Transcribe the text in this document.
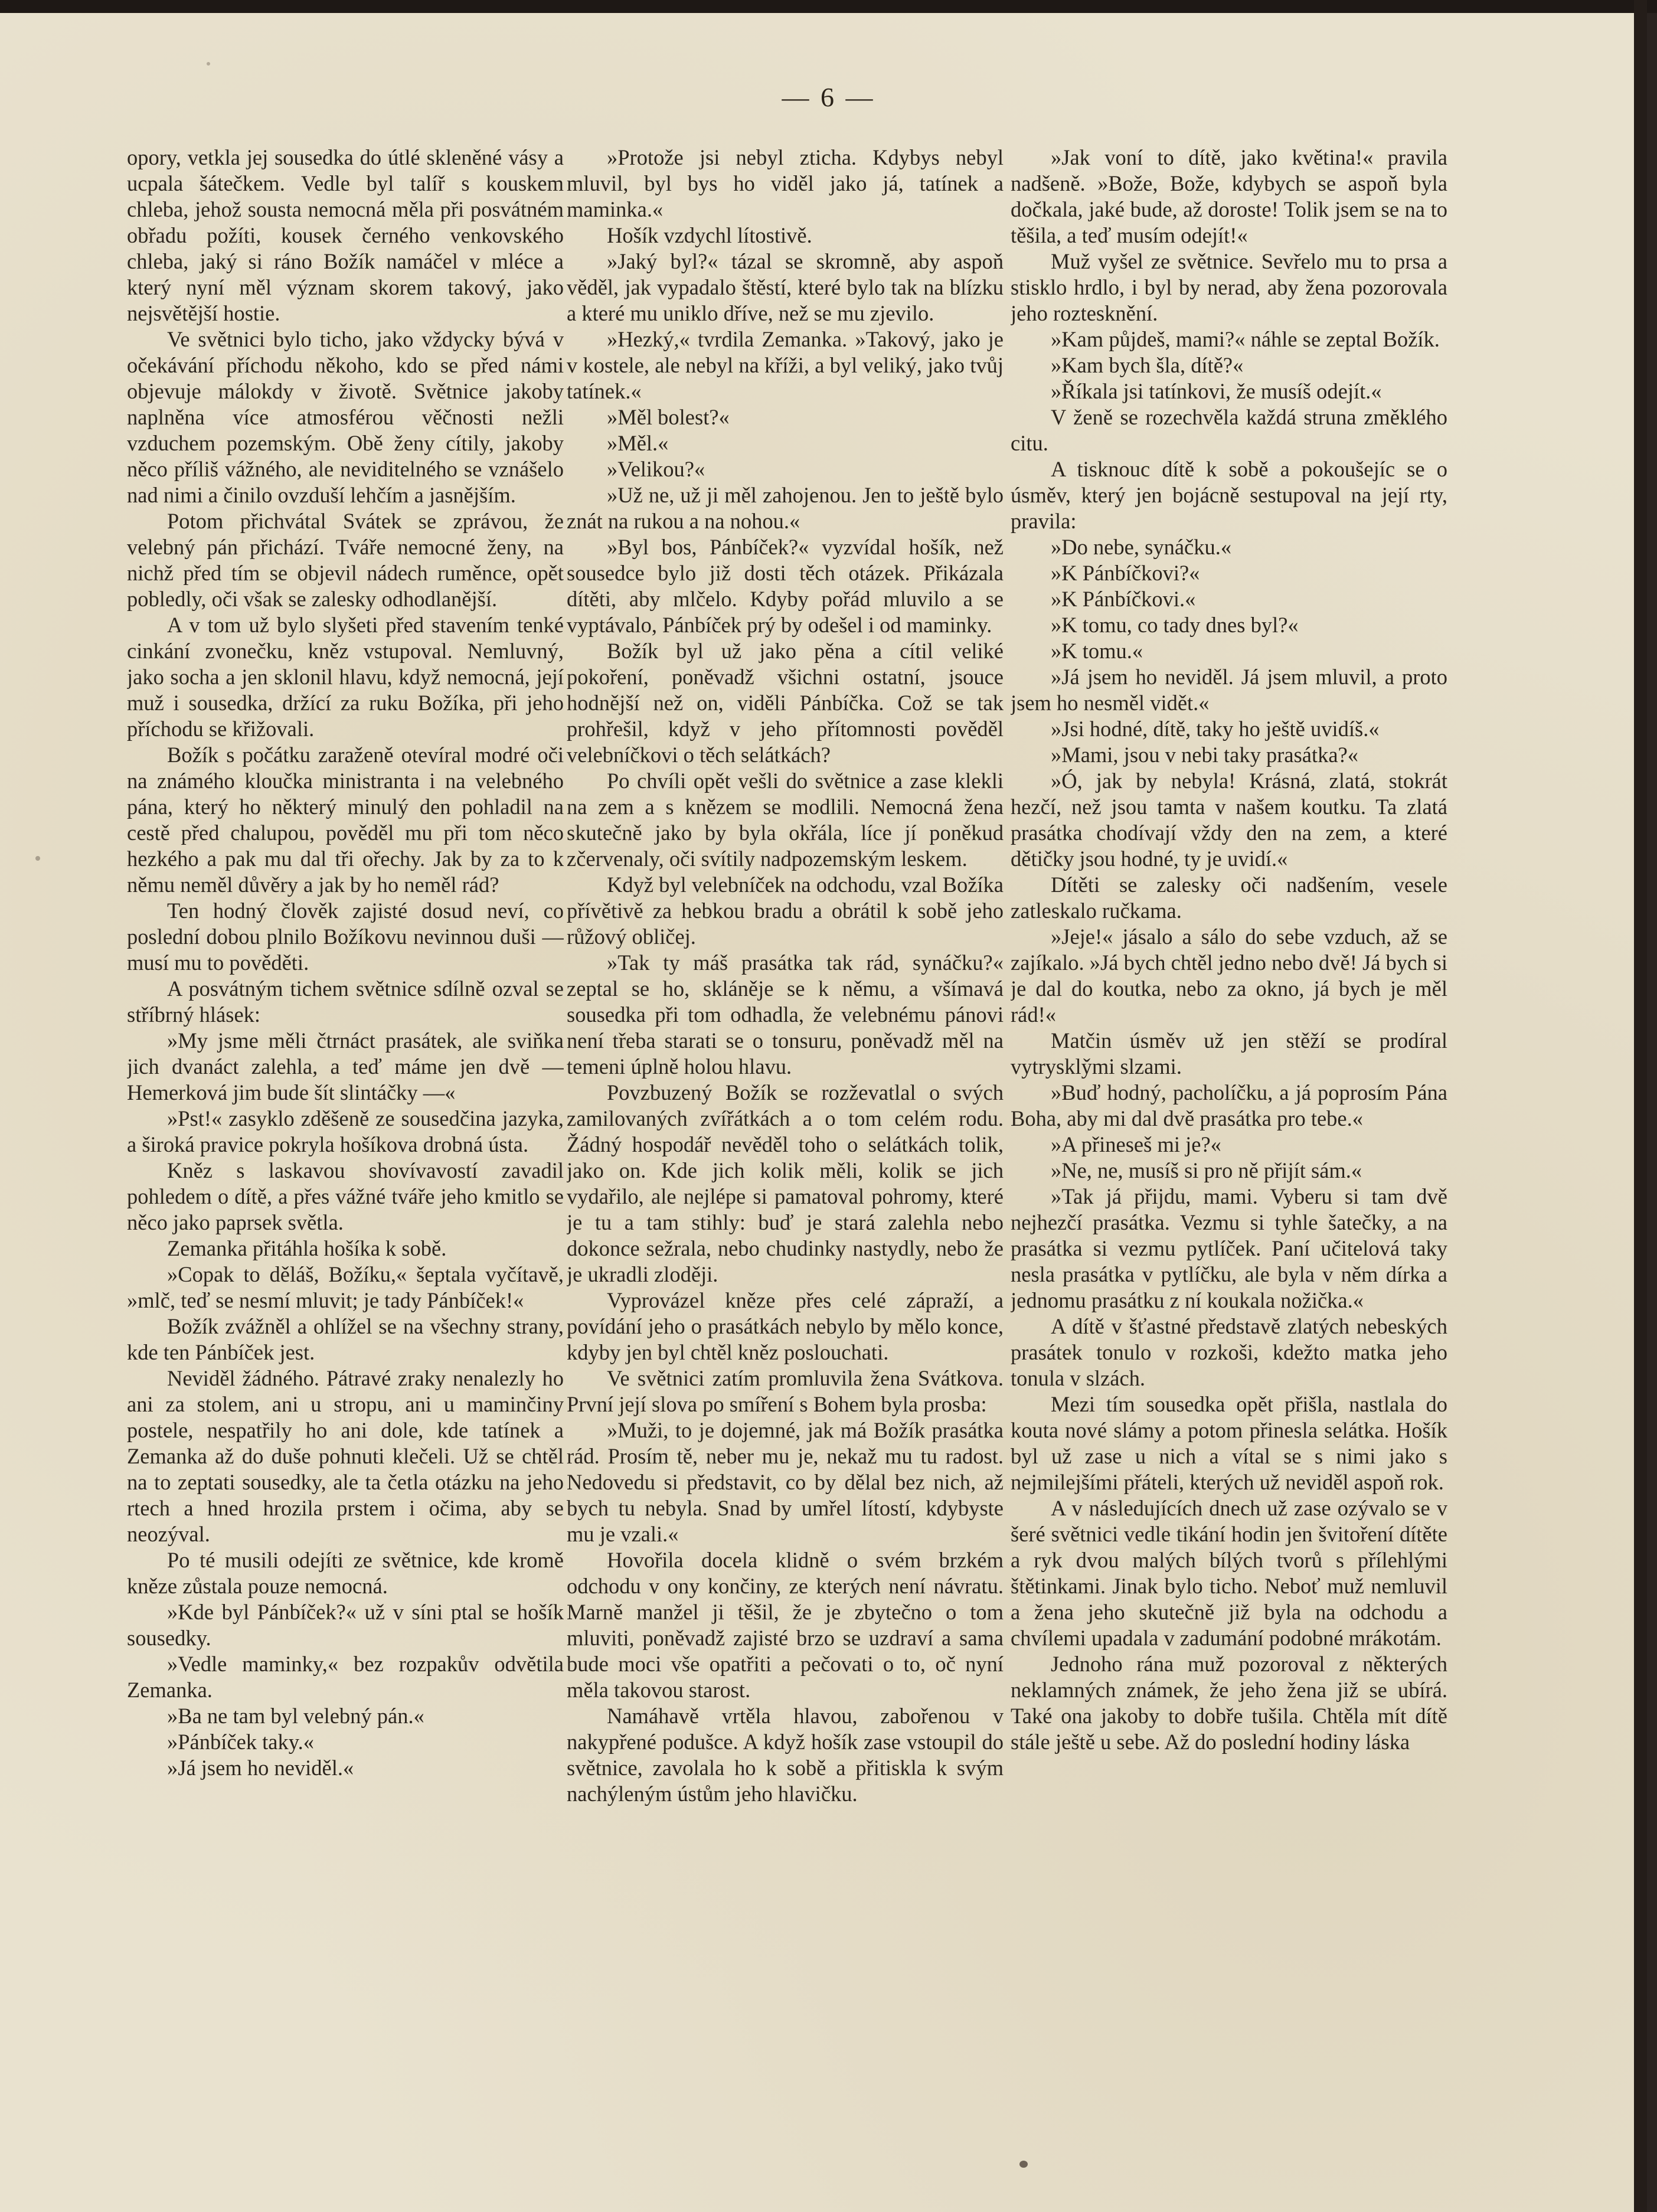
— 6 —

opory, vetkla jej sousedka do útlé skleněné vásy a ucpala šátečkem. Vedle byl talíř s kouskem chleba, jehož sousta nemocná měla při posvátném obřadu požíti, kousek černého venkovského chleba, jaký si ráno Božík namáčel v mléce a který nyní měl význam skorem takový, jako nejsvětější hostie.

Ve světnici bylo ticho, jako vždycky bývá v očekávání příchodu někoho, kdo se před námi objevuje málokdy v životě. Světnice jakoby naplněna více atmosférou věčnosti nežli vzduchem pozemským. Obě ženy cítily, jakoby něco příliš vážného, ale neviditelného se vznášelo nad nimi a činilo ovzduší lehčím a jasnějším.

Potom přichvátal Svátek se zprávou, že velebný pán přichází. Tváře nemocné ženy, na nichž před tím se objevil nádech ruměnce, opět pobledly, oči však se zalesky odhodlanější.

A v tom už bylo slyšeti před stavením tenké cinkání zvonečku, kněz vstupoval. Nemluvný, jako socha a jen sklonil hlavu, když nemocná, její muž i sousedka, držící za ruku Božíka, při jeho příchodu se křižovali.

Božík s počátku zaraženě otevíral modré oči na známého kloučka ministranta i na velebného pána, který ho některý minulý den pohladil na cestě před chalupou, pověděl mu při tom něco hezkého a pak mu dal tři ořechy. Jak by za to k němu neměl důvěry a jak by ho neměl rád?

Ten hodný člověk zajisté dosud neví, co poslední dobou plnilo Božíkovu nevinnou duši — musí mu to pověděti.

A posvátným tichem světnice sdílně ozval se stříbrný hlásek:

»My jsme měli čtrnáct prasátek, ale sviňka jich dvanáct zalehla, a teď máme jen dvě — Hemerková jim bude šít slintáčky —«

»Pst!« zasyklo zděšeně ze sousedčina jazyka, a široká pravice pokryla hošíkova drobná ústa.

Kněz s laskavou shovívavostí zavadil pohledem o dítě, a přes vážné tváře jeho kmitlo se něco jako paprsek světla.

Zemanka přitáhla hošíka k sobě.

»Copak to děláš, Božíku,« šeptala vyčítavě, »mlč, teď se nesmí mluvit; je tady Pánbíček!«

Božík zvážněl a ohlížel se na všechny strany, kde ten Pánbíček jest.

Neviděl žádného. Pátravé zraky nenalezly ho ani za stolem, ani u stropu, ani u maminčiny postele, nespatřily ho ani dole, kde tatínek a Zemanka až do duše pohnuti klečeli. Už se chtěl na to zeptati sousedky, ale ta četla otázku na jeho rtech a hned hrozila prstem i očima, aby se neozýval.

Po té musili odejíti ze světnice, kde kromě kněze zůstala pouze nemocná.

»Kde byl Pánbíček?« už v síni ptal se hošík sousedky.

»Vedle maminky,« bez rozpakův odvětila Zemanka.

»Ba ne tam byl velebný pán.«

»Pánbíček taky.«

»Já jsem ho neviděl.«

»Protože jsi nebyl zticha. Kdybys nebyl mluvil, byl bys ho viděl jako já, tatínek a maminka.«

Hošík vzdychl lítostivě.

»Jaký byl?« tázal se skromně, aby aspoň věděl, jak vypadalo štěstí, které bylo tak na blízku a které mu uniklo dříve, než se mu zjevilo.

»Hezký,« tvrdila Zemanka. »Takový, jako je v kostele, ale nebyl na kříži, a byl veliký, jako tvůj tatínek.«

»Měl bolest?«

»Měl.«

»Velikou?«

»Už ne, už ji měl zahojenou. Jen to ještě bylo znát na rukou a na nohou.«

»Byl bos, Pánbíček?« vyzvídal hošík, než sousedce bylo již dosti těch otázek. Přikázala dítěti, aby mlčelo. Kdyby pořád mluvilo a se vyptávalo, Pánbíček prý by odešel i od maminky.

Božík byl už jako pěna a cítil veliké pokoření, poněvadž všichni ostatní, jsouce hodnější než on, viděli Pánbíčka. Což se tak prohřešil, když v jeho přítomnosti pověděl velebníčkovi o těch selátkách?

Po chvíli opět vešli do světnice a zase klekli na zem a s knězem se modlili. Nemocná žena skutečně jako by byla okřála, líce jí poněkud zčervenaly, oči svítily nadpozemským leskem.

Když byl velebníček na odchodu, vzal Božíka přívětivě za hebkou bradu a obrátil k sobě jeho růžový obličej.

»Tak ty máš prasátka tak rád, synáčku?« zeptal se ho, skláněje se k němu, a všímavá sousedka při tom odhadla, že velebnému pánovi není třeba starati se o tonsuru, poněvadž měl na temeni úplně holou hlavu.

Povzbuzený Božík se rozževatlal o svých zamilovaných zvířátkách a o tom celém rodu. Žádný hospodář nevěděl toho o selátkách tolik, jako on. Kde jich kolik měli, kolik se jich vydařilo, ale nejlépe si pamatoval pohromy, které je tu a tam stihly: buď je stará zalehla nebo dokonce sežrala, nebo chudinky nastydly, nebo že je ukradli zloději.

Vyprovázel kněze přes celé zápraží, a povídání jeho o prasátkách nebylo by mělo konce, kdyby jen byl chtěl kněz poslouchati.

Ve světnici zatím promluvila žena Svátkova. První její slova po smíření s Bohem byla prosba:

»Muži, to je dojemné, jak má Božík prasátka rád. Prosím tě, neber mu je, nekaž mu tu radost. Nedovedu si představit, co by dělal bez nich, až bych tu nebyla. Snad by umřel lítostí, kdybyste mu je vzali.«

Hovořila docela klidně o svém brzkém odchodu v ony končiny, ze kterých není návratu. Marně manžel ji těšil, že je zbytečno o tom mluviti, poněvadž zajisté brzo se uzdraví a sama bude moci vše opatřiti a pečovati o to, oč nyní měla takovou starost.

Namáhavě vrtěla hlavou, zabořenou v nakypřené podušce. A když hošík zase vstoupil do světnice, zavolala ho k sobě a přitiskla k svým nachýleným ústům jeho hlavičku.

»Jak voní to dítě, jako květina!« pravila nadšeně. »Bože, Bože, kdybych se aspoň byla dočkala, jaké bude, až doroste! Tolik jsem se na to těšila, a teď musím odejít!«

Muž vyšel ze světnice. Sevřelo mu to prsa a stisklo hrdlo, i byl by nerad, aby žena pozorovala jeho roztesknění.

»Kam půjdeš, mami?« náhle se zeptal Božík.

»Kam bych šla, dítě?«

»Říkala jsi tatínkovi, že musíš odejít.«

V ženě se rozechvěla každá struna změklého citu.

A tisknouc dítě k sobě a pokoušejíc se o úsměv, který jen bojácně sestupoval na její rty, pravila:

»Do nebe, synáčku.«

»K Pánbíčkovi?«

»K Pánbíčkovi.«

»K tomu, co tady dnes byl?«

»K tomu.«

»Já jsem ho neviděl. Já jsem mluvil, a proto jsem ho nesměl vidět.«

»Jsi hodné, dítě, taky ho ještě uvidíš.«

»Mami, jsou v nebi taky prasátka?«

»Ó, jak by nebyla! Krásná, zlatá, stokrát hezčí, než jsou tamta v našem koutku. Ta zlatá prasátka chodívají vždy den na zem, a které dětičky jsou hodné, ty je uvidí.«

Dítěti se zalesky oči nadšením, vesele zatleskalo ručkama.

»Jeje!« jásalo a sálo do sebe vzduch, až se zajíkalo. »Já bych chtěl jedno nebo dvě! Já bych si je dal do koutka, nebo za okno, já bych je měl rád!«

Matčin úsměv už jen stěží se prodíral vytryskly̌mi slzami.

»Buď hodný, pacholíčku, a já poprosím Pána Boha, aby mi dal dvě prasátka pro tebe.«

»A přineseš mi je?«

»Ne, ne, musíš si pro ně přijít sám.«

»Tak já přijdu, mami. Vyberu si tam dvě nejhezčí prasátka. Vezmu si tyhle šatečky, a na prasátka si vezmu pytlíček. Paní učitelová taky nesla prasátka v pytlíčku, ale byla v něm dírka a jednomu prasátku z ní koukala nožička.«

A dítě v šťastné představě zlatých nebeských prasátek tonulo v rozkoši, kdežto matka jeho tonula v slzách.

Mezi tím sousedka opět přišla, nastlala do kouta nové slámy a potom přinesla selátka. Hošík byl už zase u nich a vítal se s nimi jako s nejmilejšími přáteli, kterých už neviděl aspoň rok.

A v následujících dnech už zase ozývalo se v šeré světnici vedle tikání hodin jen švitoření dítěte a ryk dvou malých bílých tvorů s přílehlými štětinkami. Jinak bylo ticho. Neboť muž nemluvil a žena jeho skutečně již byla na odchodu a chvílemi upadala v zadumání podobné mrákotám.

Jednoho rána muž pozoroval z některých neklamných známek, že jeho žena již se ubírá. Také ona jakoby to dobře tušila. Chtěla mít dítě stále ještě u sebe. Až do poslední hodiny láska
